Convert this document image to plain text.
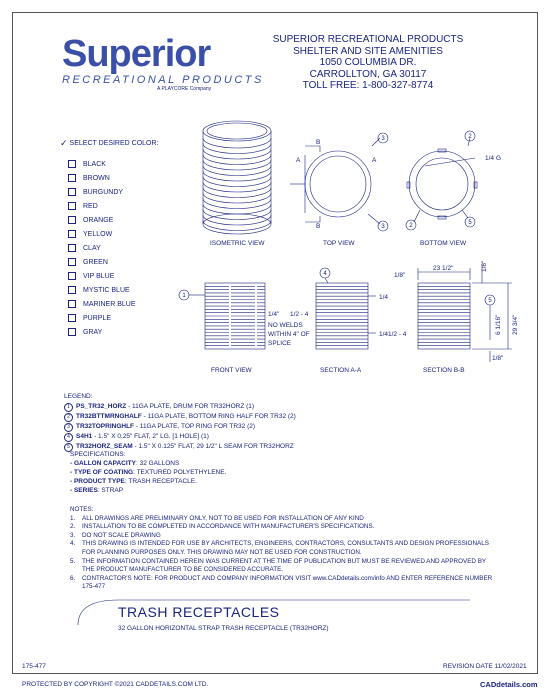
Superior
RECREATIONAL PRODUCTS
A PLAYCORE Company
SUPERIOR RECREATIONAL PRODUCTS
SHELTER AND SITE AMENITIES
1050 COLUMBIA DR.
CARROLLTON, GA 30117
TOLL FREE: 1-800-327-8774
✓ SELECT DESIRED COLOR:
BLACK
BROWN
BURGUNDY
RED
ORANGE
YELLOW
CLAY
GREEN
VIP BLUE
MYSTIC BLUE
MARINER BLUE
PURPLE
GRAY
3
3
2
2	5
1
4
5
ISOMETRIC VIEW	TOP VIEW	BOTTOM VIEW
FRONT VIEW	SECTION A-A	SECTION B-B
B
B
A	A	1/4 G
1/4
1/4 1/2 - 4
1/4" 1/2 - 4
NO WELDS
WITHIN 4" OF
SPLICE
23 1/2"
1/8"
1/8"
29 3/4"
6 1/16"
1/8"
LEGEND:
1 PS_TR32_HORZ - 11GA PLATE, DRUM FOR TR32HORZ (1)
2 TR32BTTMRNGHALF - 11GA PLATE, BOTTOM RING HALF FOR TR32 (2)
3 TR32TOPRINGHLF - 11GA PLATE, TOP RING FOR TR32 (2)
4 S4H1 - 1.5" X 0.25" FLAT, 2" LG. [1 HOLE] (1)
5 TR32HORZ_SEAM - 1.5" X 0.125" FLAT, 29 1/2" L SEAM FOR TR32HORZ
SPECIFICATIONS:
- GALLON CAPACITY: 32 GALLONS
- TYPE OF COATING: TEXTURED POLYETHYLENE.
- PRODUCT TYPE: TRASH RECEPTACLE.
- SERIES: STRAP
NOTES:
1.	ALL DRAWINGS ARE PRELIMINARY ONLY, NOT TO BE USED FOR INSTALLATION OF ANY KIND
2.	INSTALLATION TO BE COMPLETED IN ACCORDANCE WITH MANUFACTURER'S SPECIFICATIONS.
3.	DO NOT SCALE DRAWING
4.	THIS DRAWING IS INTENDED FOR USE BY ARCHITECTS, ENGINEERS, CONTRACTORS, CONSULTANTS AND DESIGN PROFESSIONALS FOR PLANNING PURPOSES ONLY. THIS DRAWING MAY NOT BE USED FOR CONSTRUCTION.
5.	THE INFORMATION CONTAINED HEREIN WAS CURRENT AT THE TIME OF PUBLICATION BUT MUST BE REVIEWED AND APPROVED BY THE PRODUCT MANUFACTURER TO BE CONSIDERED ACCURATE.
6.	CONTRACTOR'S NOTE: FOR PRODUCT AND COMPANY INFORMATION VISIT www.CADdetails.com/info AND ENTER REFERENCE NUMBER 175-477
TRASH RECEPTACLES
32 GALLON HORIZONTAL STRAP TRASH RECEPTACLE (TR32HORZ)
175-477	REVISION DATE 11/02/2021
PROTECTED BY COPYRIGHT ©2021 CADDETAILS.COM LTD.	CADdetails.com
